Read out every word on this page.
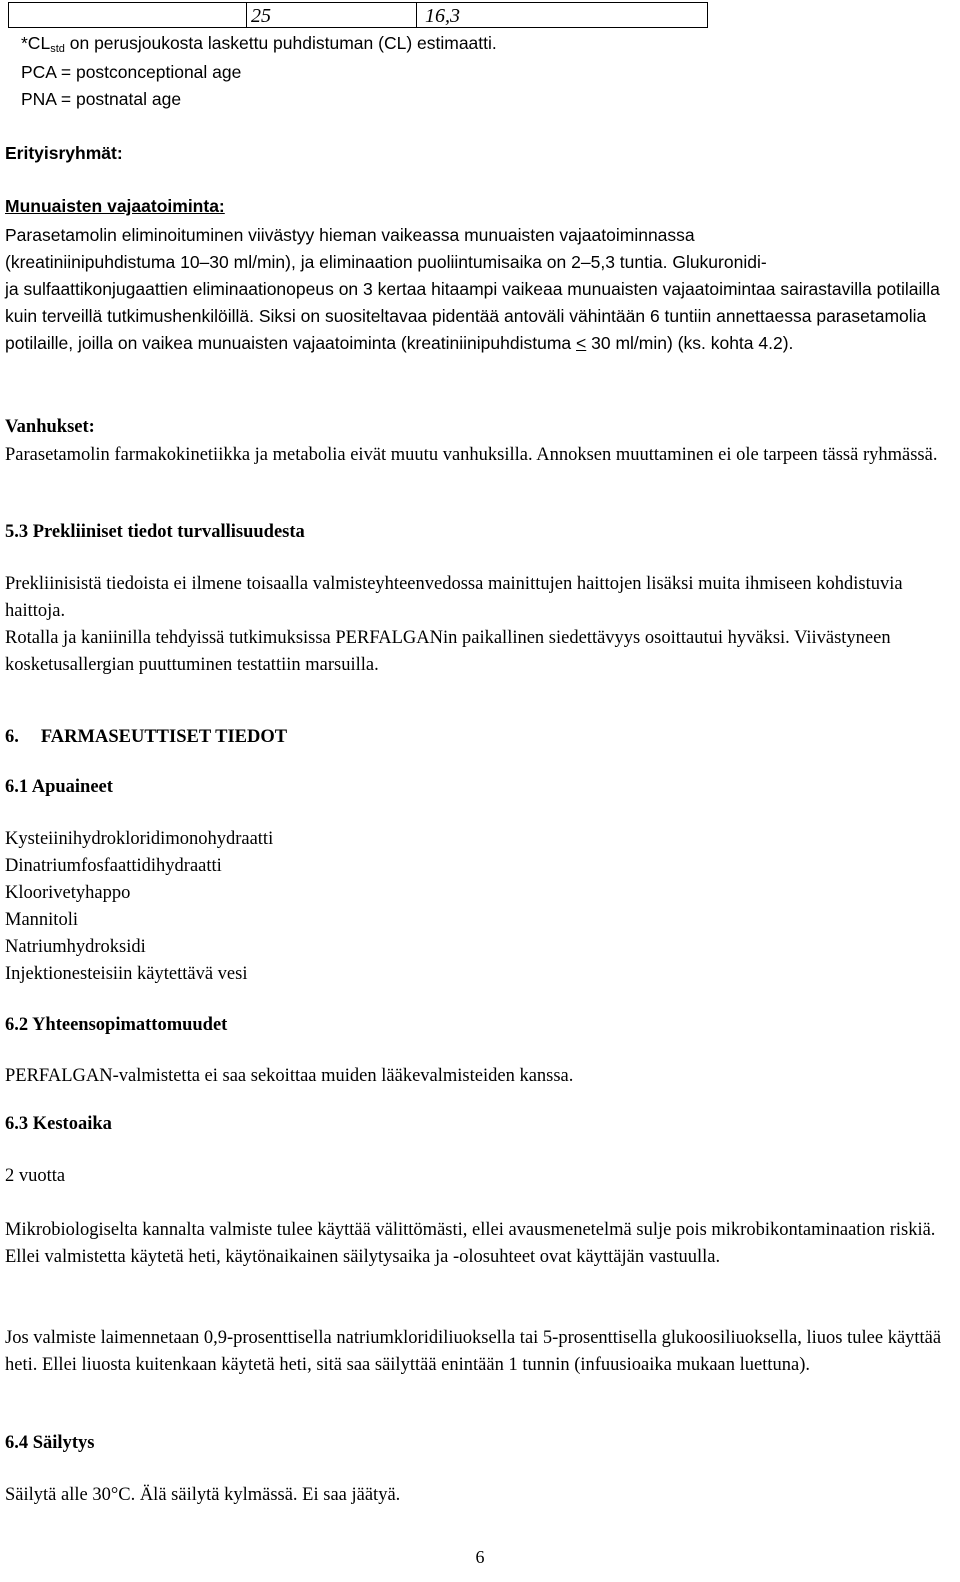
25	16,3

$*CL_{std}$ on perusjoukosta laskettu puhdistuman (CL) estimaatti.

PCA = postconceptional age

PNA = postnatal age

Erityisryhmät:

Munuaisten vajaatoiminta:

Parasetamolin eliminoituminen viivästyy hieman vaikeassa munuaisten vajaatoiminnassa
(kreatiniinipuhdistuma 10–30 ml/min), ja eliminaation puoliintumisaika on 2–5,3 tuntia. Glukuronidi-
ja sulfaattikonjugaattien eliminaationopeus on 3 kertaa hitaampi vaikeaa munuaisten vajaatoimintaa sairastavilla potilailla kuin terveillä tutkimushenkilöillä. Siksi on suositeltavaa pidentää antoväli vähintään 6 tuntiin annettaessa parasetamolia potilaille, joilla on vaikea munuaisten vajaatoiminta (kreatiniinipuhdistuma < 30 ml/min) (ks. kohta 4.2).

Vanhukset:

Parasetamolin farmakokinetiikka ja metabolia eivät muutu vanhuksilla. Annoksen muuttaminen ei ole tarpeen tässä ryhmässä.

5.3 Prekliiniset tiedot turvallisuudesta

Prekliinisistä tiedoista ei ilmene toisaalla valmisteyhteenvedossa mainittujen haittojen lisäksi muita ihmiseen kohdistuvia haittoja.

Rotalla ja kaniinilla tehdyissä tutkimuksissa PERFALGANin paikallinen siedettävyys osoittautui hyväksi. Viivästyneen kosketusallergian puuttuminen testattiin marsuilla.

6. FARMASEUTTISET TIEDOT

6.1 Apuaineet

Kysteiinihydrokloridimonohydraatti
Dinatriumfosfaattidihydraatti
Kloorivetyhappo
Mannitoli
Natriumhydroksidi
Injektionesteisiin käytettävä vesi

6.2 Yhteensopimattomuudet

PERFALGAN-valmistetta ei saa sekoittaa muiden lääkevalmisteiden kanssa.

6.3 Kestoaika

2 vuotta

Mikrobiologiselta kannalta valmiste tulee käyttää välittömästi, ellei avausmenetelmä sulje pois mikrobikontaminaation riskiä. Ellei valmistetta käytetä heti, käytönaikainen säilytysaika ja -olosuhteet ovat käyttäjän vastuulla.

Jos valmiste laimennetaan 0,9-prosenttisella natriumkloridiliuoksella tai 5-prosenttisella glukoosiliuoksella, liuos tulee käyttää heti. Ellei liuosta kuitenkaan käytetä heti, sitä saa säilyttää enintään 1 tunnin (infuusioaika mukaan luettuna).

6.4 Säilytys

Säilytä alle 30°C. Älä säilytä kylmässä. Ei saa jäätyä.

6
